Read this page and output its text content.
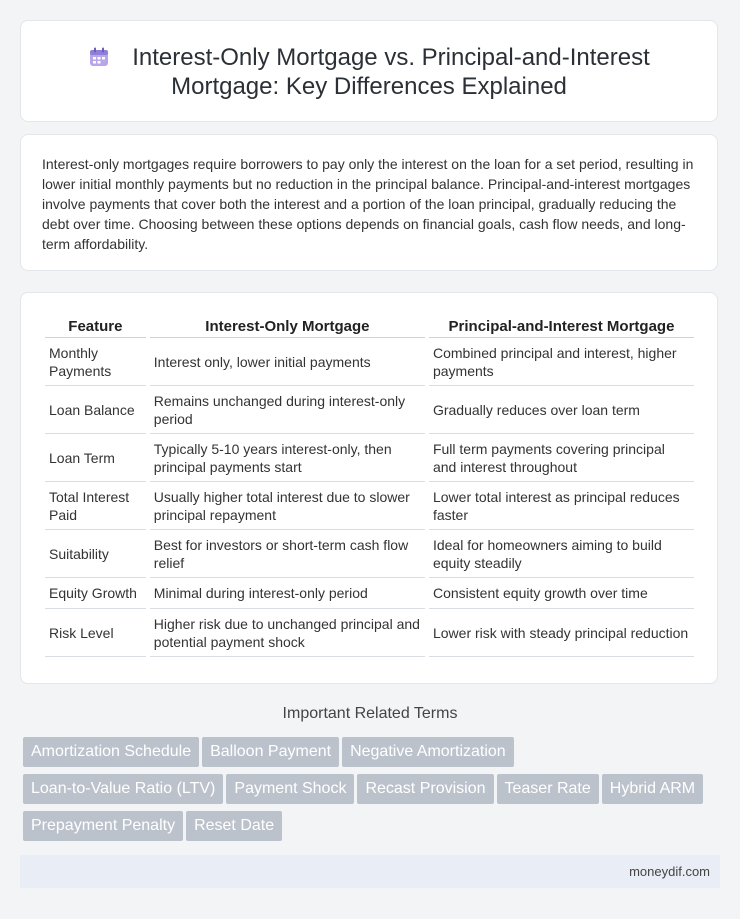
Interest-Only Mortgage vs. Principal-and-Interest
Mortgage: Key Differences Explained
Interest-only mortgages require borrowers to pay only the interest on the loan for a set period, resulting in lower initial monthly payments but no reduction in the principal balance. Principal-and-interest mortgages involve payments that cover both the interest and a portion of the loan principal, gradually reducing the debt over time. Choosing between these options depends on financial goals, cash flow needs, and long-term affordability.
Feature	Interest-Only Mortgage	Principal-and-Interest Mortgage
Monthly Payments	Interest only, lower initial payments	Combined principal and interest, higher payments
Loan Balance	Remains unchanged during interest-only period	Gradually reduces over loan term
Loan Term	Typically 5-10 years interest-only, then principal payments start	Full term payments covering principal and interest throughout
Total Interest Paid	Usually higher total interest due to slower principal repayment	Lower total interest as principal reduces faster
Suitability	Best for investors or short-term cash flow relief	Ideal for homeowners aiming to build equity steadily
Equity Growth	Minimal during interest-only period	Consistent equity growth over time
Risk Level	Higher risk due to unchanged principal and potential payment shock	Lower risk with steady principal reduction
Important Related Terms
Amortization Schedule Balloon Payment Negative Amortization
Loan-to-Value Ratio (LTV) Payment Shock Recast Provision Teaser Rate Hybrid ARM
Prepayment Penalty Reset Date
moneydif.com
